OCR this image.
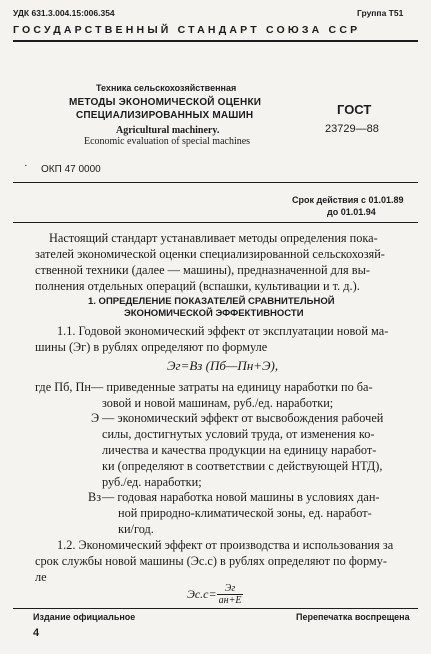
УДК 631.3.004.15:006.354	Группа Т51
ГОСУДАРСТВЕННЫЙ СТАНДАРТ СОЮЗА ССР
Техника сельскохозяйственная
МЕТОДЫ ЭКОНОМИЧЕСКОЙ ОЦЕНКИ
СПЕЦИАЛИЗИРОВАННЫХ МАШИН
Agricultural machinery.
Economic evaluation of special machines
ГОСТ
23729—88
· ОКП 47 0000
Срок действия с 01.01.89
до 01.01.94
Настоящий стандарт устанавливает методы определения пока-
зателей экономической оценки специализированной сельскохозяй-
ственной техники (далее — машины), предназначенной для вы-
полнения отдельных операций (вспашки, культивации и т. д.).
1. ОПРЕДЕЛЕНИЕ ПОКАЗАТЕЛЕЙ СРАВНИТЕЛЬНОЙ
ЭКОНОМИЧЕСКОЙ ЭФФЕКТИВНОСТИ
1.1. Годовой экономический эффект от эксплуатации новой ма-
шины (Эг) в рублях определяют по формуле
Эг=Вз (Пб—Пн+Э),
где Пб, Пн — приведенные затраты на единицу наработки по ба-
зовой и новой машинам, руб./ед. наработки;
Э — экономический эффект от высвобождения рабочей
силы, достигнутых условий труда, от изменения ко-
личества и качества продукции на единицу наработ-
ки (определяют в соответствии с действующей НТД),
руб./ед. наработки;
Вз — годовая наработка новой машины в условиях дан-
ной природно-климатической зоны, ед. наработ-
ки/год.
1.2. Экономический эффект от производства и использования за
срок службы новой машины (Эс.с) в рублях определяют по форму-
ле
$Эс.с= \frac{Эг}{ан+Е}$
Издание официальное	Перепечатка воспрещена
4
